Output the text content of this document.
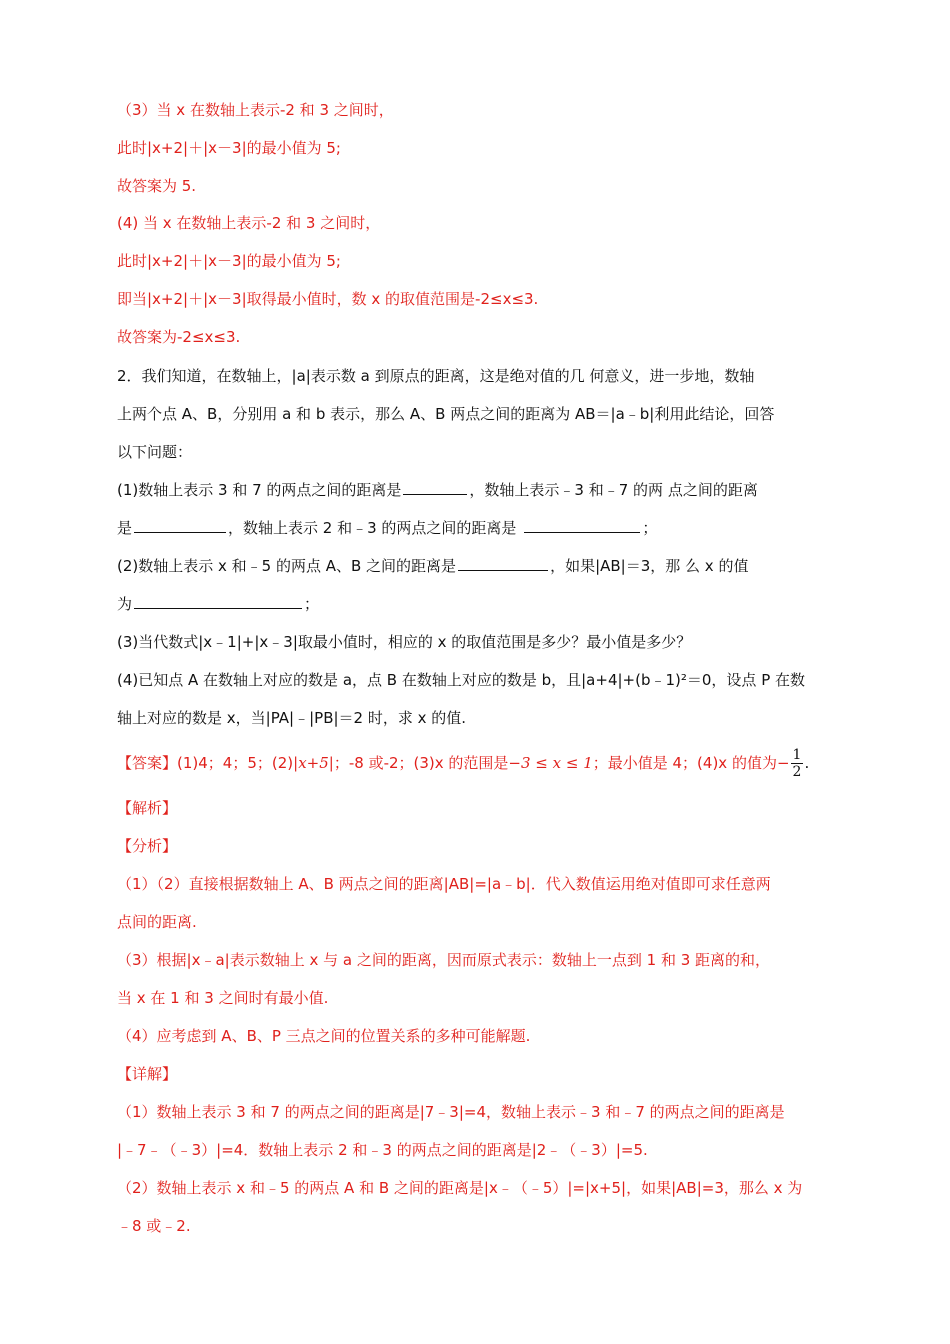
（3）当 x 在数轴上表示-2 和 3 之间时，
此时|x+2|＋|x－3|的最小值为 5;
故答案为 5.
(4) 当 x 在数轴上表示-2 和 3 之间时，
此时|x+2|＋|x－3|的最小值为 5;
即当|x+2|＋|x－3|取得最小值时，数 x 的取值范围是-2≤x≤3.
故答案为-2≤x≤3.
2．我们知道，在数轴上，|a|表示数 a 到原点的距离，这是绝对值的几 何意义，进一步地，数轴
上两个点 A、B，分别用 a 和 b 表示，那么 A、B 两点之间的距离为 AB＝|a﹣b|利用此结论，回答
以下问题：
(1)数轴上表示 3 和 7 的两点之间的距离是	，数轴上表示﹣3 和﹣7 的两 点之间的距离
是	，数轴上表示 2 和﹣3 的两点之间的距离是	；
(2)数轴上表示 x 和﹣5 的两点 A、B 之间的距离是	，如果|AB|＝3，那 么 x 的值
为	；
(3)当代数式|x﹣1|+|x﹣3|取最小值时，相应的 x 的取值范围是多少？最小值是多少？
(4)已知点 A 在数轴上对应的数是 a，点 B 在数轴上对应的数是 b，且|a+4|+(b﹣1)²＝0，设点 P 在数
轴上对应的数是 x，当|PA|﹣|PB|＝2 时，求 x 的值.
【答案】(1)4；4；5；(2)|x+5|；-8 或-2；(3)x 的范围是−3 ≤ x ≤ 1；最小值是 4；(4)x 的值为− $\frac{1}{2}$ .
【解析】
【分析】
（1）（2）直接根据数轴上 A、B 两点之间的距离|AB|=|a﹣b|．代入数值运用绝对值即可求任意两
点间的距离.
（3）根据|x﹣a|表示数轴上 x 与 a 之间的距离，因而原式表示：数轴上一点到 1 和 3 距离的和，
当 x 在 1 和 3 之间时有最小值.
（4）应考虑到 A、B、P 三点之间的位置关系的多种可能解题.
【详解】
（1）数轴上表示 3 和 7 的两点之间的距离是|7﹣3|=4，数轴上表示﹣3 和﹣7 的两点之间的距离是
|﹣7﹣（﹣3）|=4．数轴上表示 2 和﹣3 的两点之间的距离是|2﹣（﹣3）|=5.
（2）数轴上表示 x 和﹣5 的两点 A 和 B 之间的距离是|x﹣（﹣5）|=|x+5|，如果|AB|=3，那么 x 为
﹣8 或﹣2.
